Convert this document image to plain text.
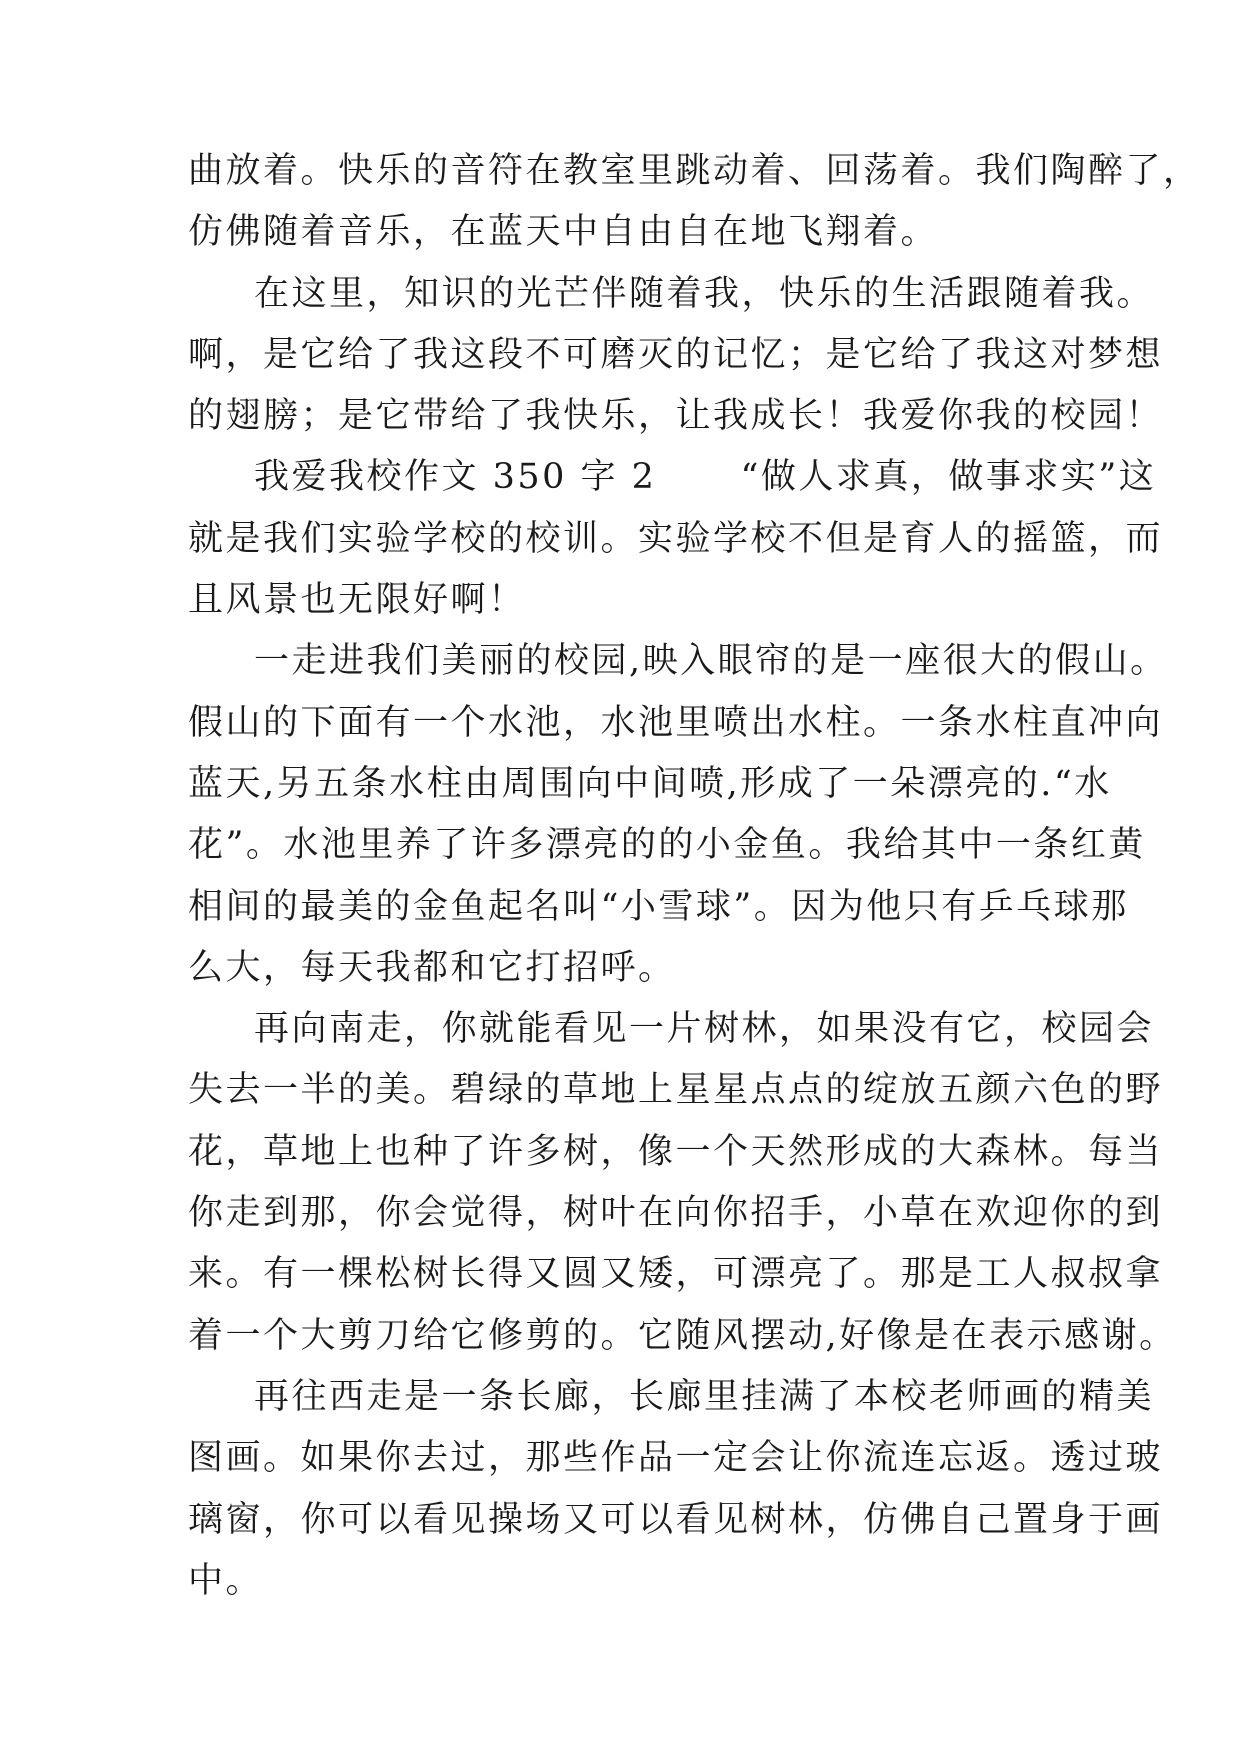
曲放着。快乐的音符在教室里跳动着、回荡着。我们陶醉了，
仿佛随着音乐，在蓝天中自由自在地飞翔着。
在这里，知识的光芒伴随着我，快乐的生活跟随着我。
啊，是它给了我这段不可磨灭的记忆；是它给了我这对梦想
的翅膀；是它带给了我快乐，让我成长！我爱你我的校园！
我爱我校作文 350 字 2 “做人求真，做事求实”这
就是我们实验学校的校训。实验学校不但是育人的摇篮，而
且风景也无限好啊！
一走进我们美丽的校园,映入眼帘的是一座很大的假山。
假山的下面有一个水池，水池里喷出水柱。一条水柱直冲向
蓝天,另五条水柱由周围向中间喷,形成了一朵漂亮的.“水
花”。水池里养了许多漂亮的的小金鱼。我给其中一条红黄
相间的最美的金鱼起名叫“小雪球”。因为他只有乒乓球那
么大，每天我都和它打招呼。
再向南走，你就能看见一片树林，如果没有它，校园会
失去一半的美。碧绿的草地上星星点点的绽放五颜六色的野
花，草地上也种了许多树，像一个天然形成的大森林。每当
你走到那，你会觉得，树叶在向你招手，小草在欢迎你的到
来。有一棵松树长得又圆又矮，可漂亮了。那是工人叔叔拿
着一个大剪刀给它修剪的。它随风摆动,好像是在表示感谢。
再往西走是一条长廊，长廊里挂满了本校老师画的精美
图画。如果你去过，那些作品一定会让你流连忘返。透过玻
璃窗，你可以看见操场又可以看见树林，仿佛自己置身于画
中。
